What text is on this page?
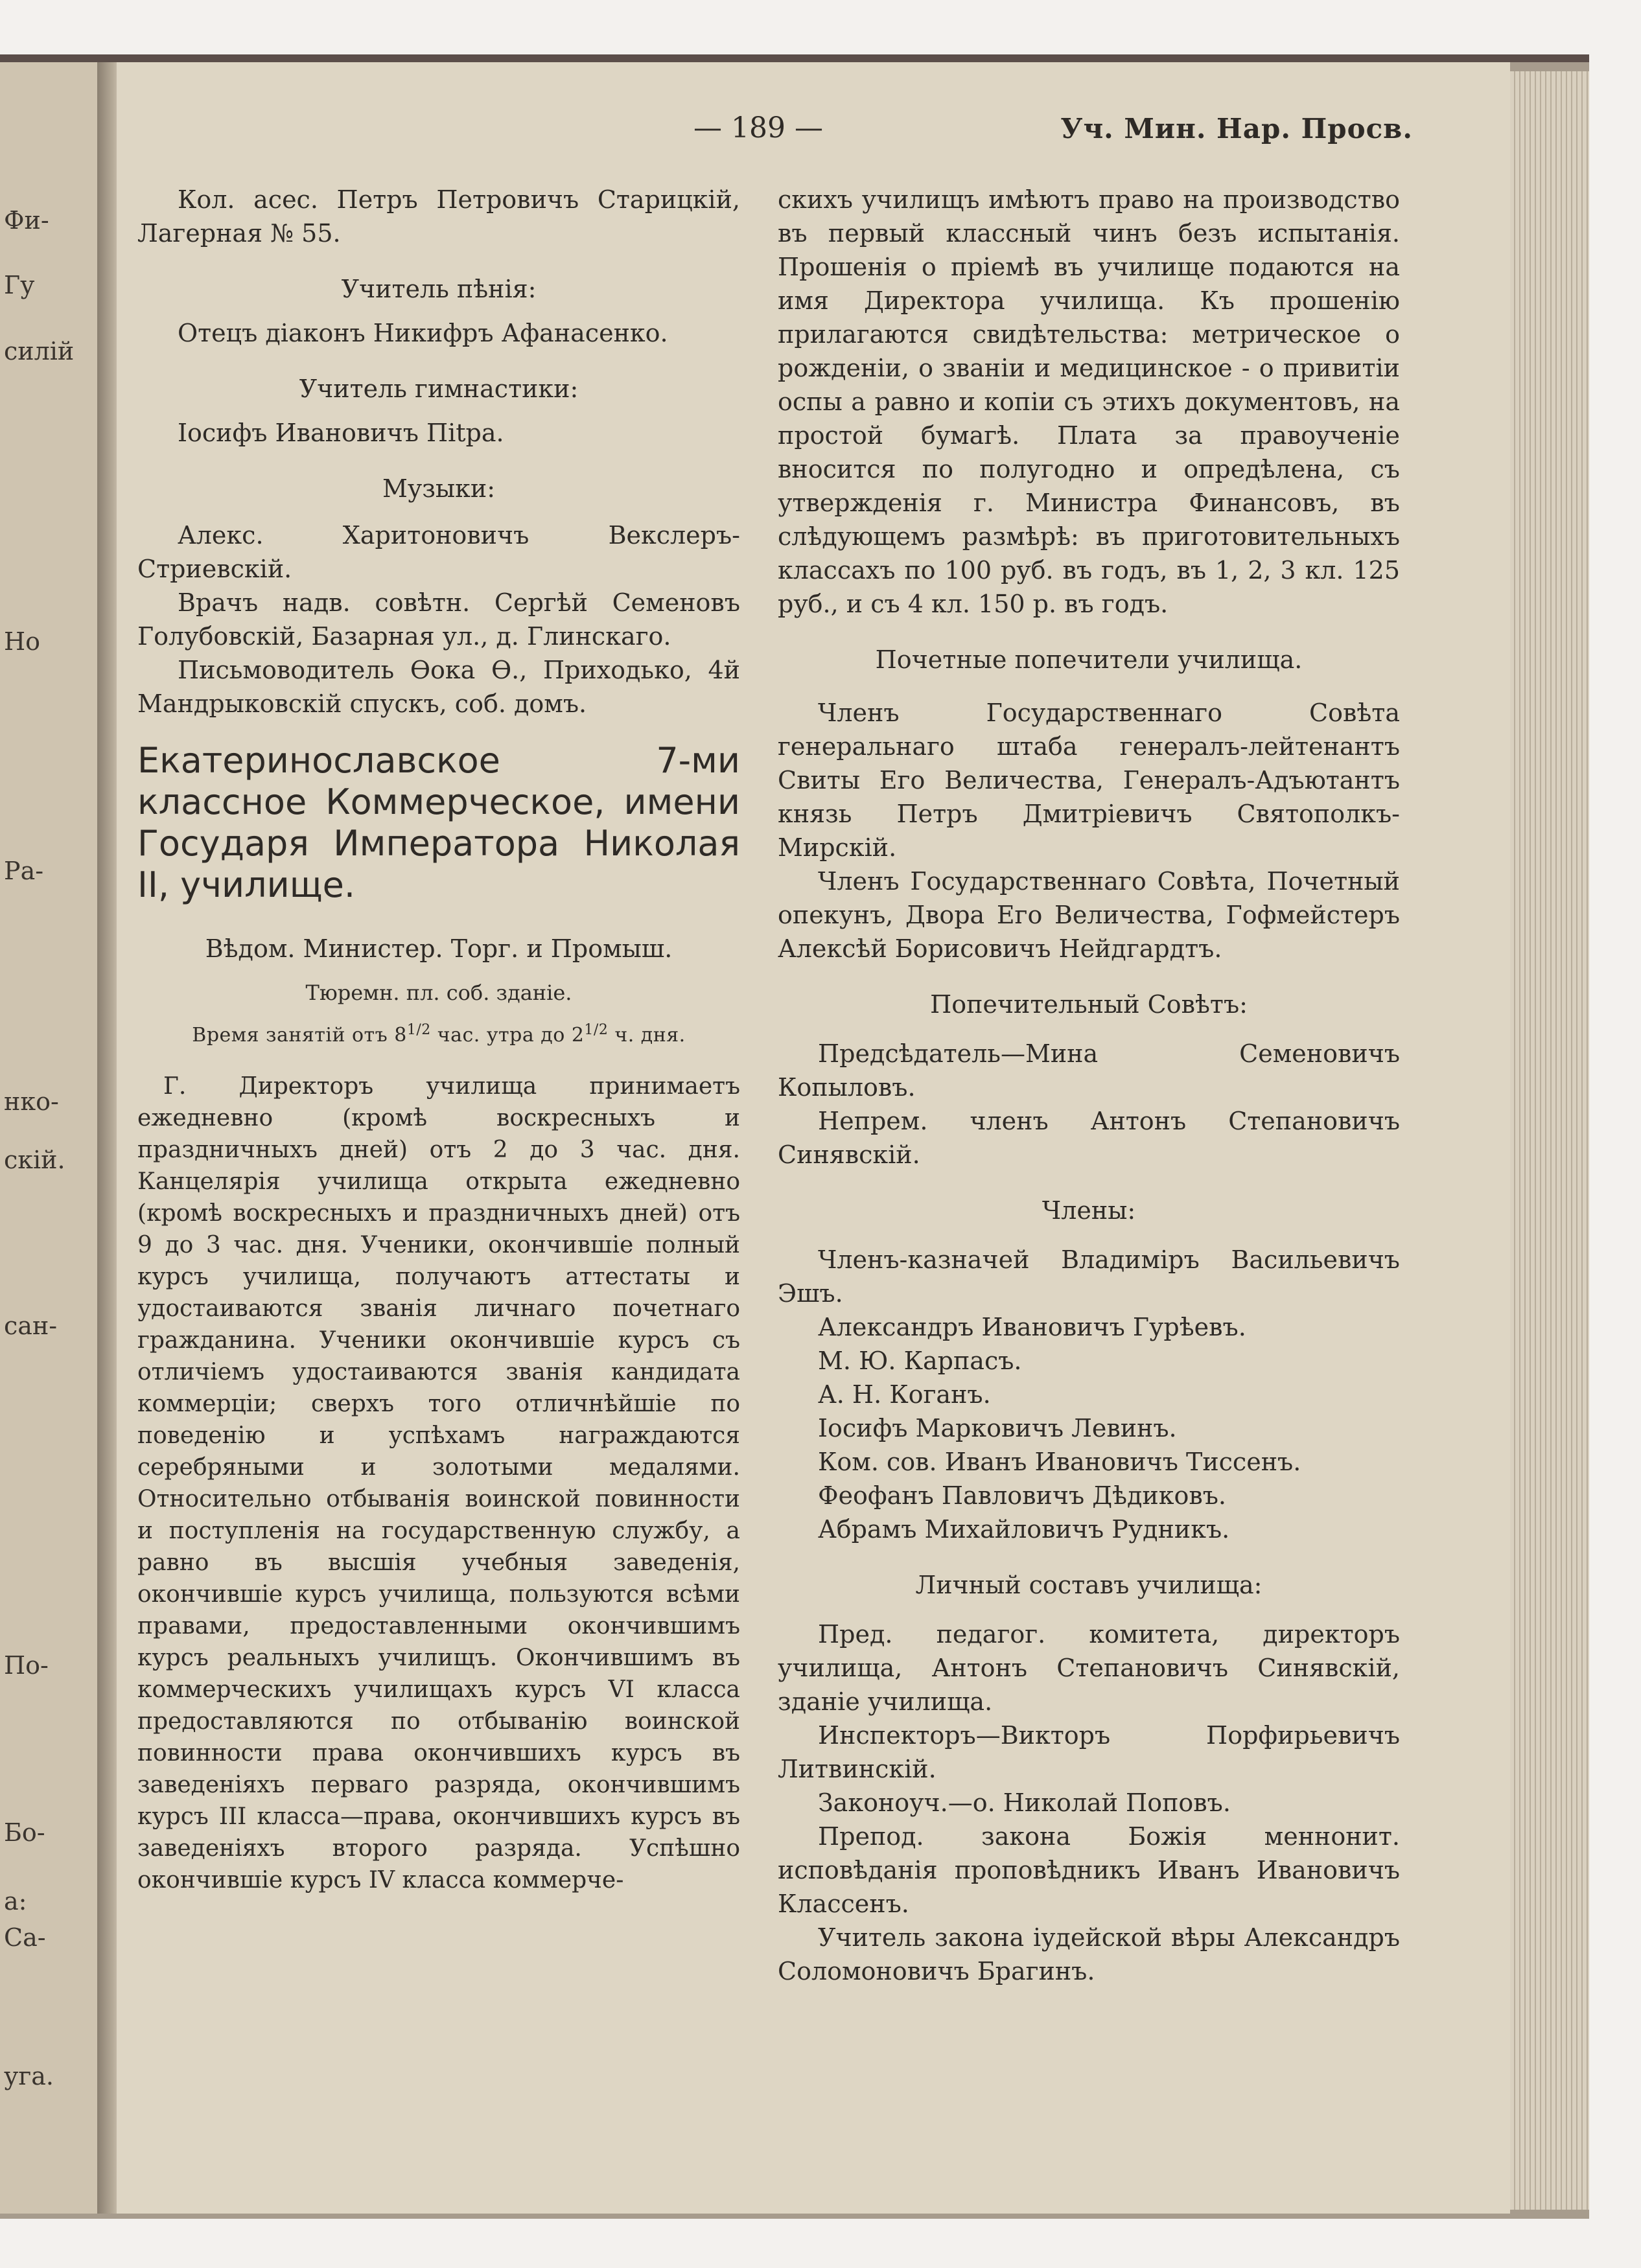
Фи-
Гу
силій
Но
Ра-
нко-
скій.
сан-
По-
Бо-
а:
Са-
уга.
— 189 —	Уч. Мин. Нар. Просв.

Кол. асес. Петръ Петровичъ Старицкій, Лагерная № 55.

Учитель пѣнія:

Отецъ діаконъ Никифръ Афанасенко.

Учитель гимнастики:

Іосифъ Ивановичъ Пitра.

Музыки:

Алекс. Харитоновичъ Векслеръ-Стриевскій.

Врачъ надв. совѣтн. Сергѣй Семеновъ Голубовскій, Базарная ул., д. Глинскаго.

Письмоводитель Ѳока Ѳ., Приходько, 4й Мандрыковскій спускъ, соб. домъ.

Екатеринославское 7-ми классное Коммерческое, имени Государя Императора Николая II, училище.

Вѣдом. Министер. Торг. и Промыш.

Тюремн. пл. соб. зданіе.

Время занятій отъ $8^{1/2}$ час. утра до $2^{1/2}$ ч. дня.

Г. Директоръ училища принимаетъ ежедневно (кромѣ воскресныхъ и праздничныхъ дней) отъ 2 до 3 час. дня. Канцелярія училища открыта ежедневно (кромѣ воскресныхъ и праздничныхъ дней) отъ 9 до 3 час. дня. Ученики, окончившіе полный курсъ училища, получаютъ аттестаты и удостаиваются званія личнаго почетнаго гражданина. Ученики окончившіе курсъ съ отличіемъ удостаиваются званія кандидата коммерціи; сверхъ того отличнѣйшіе по поведенію и успѣхамъ награждаются серебряными и золотыми медалями. Относительно отбыванія воинской повинности и поступленія на государственную службу, а равно въ высшія учебныя заведенія, окончившіе курсъ училища, пользуются всѣми правами, предоставленными окончившимъ курсъ реальныхъ училищъ. Окончившимъ въ коммерческихъ училищахъ курсъ VI класса предоставляются по отбыванію воинской повинности права окончившихъ курсъ въ заведеніяхъ перваго разряда, окончившимъ курсъ III класса—права, окончившихъ курсъ въ заведеніяхъ второго разряда. Успѣшно окончившіе курсъ IV класса коммерче-

скихъ училищъ имѣютъ право на производство въ первый классный чинъ безъ испытанія. Прошенія о пріемѣ въ училище подаются на имя Директора училища. Къ прошенію прилагаются свидѣтельства: метрическое о рожденіи, о званіи и медицинское - о привитіи оспы а равно и копіи съ этихъ документовъ, на простой бумагѣ. Плата за правоученіе вносится по полугодно и опредѣлена, съ утвержденія г. Министра Финансовъ, въ слѣдующемъ размѣрѣ: въ приготовительныхъ классахъ по 100 руб. въ годъ, въ 1, 2, 3 кл. 125 руб., и съ 4 кл. 150 р. въ годъ.

Почетные попечители училища.

Членъ Государственнаго Совѣта генеральнаго штаба генералъ-лейтенантъ Свиты Его Величества, Генералъ-Адъютантъ князь Петръ Дмитріевичъ Святополкъ-Мирскій.

Членъ Государственнаго Совѣта, Почетный опекунъ, Двора Его Величества, Гофмейстеръ Алексѣй Борисовичъ Нейдгардтъ.

Попечительный Совѣтъ:

Предсѣдатель—Мина Семеновичъ Копыловъ.

Непрем. членъ Антонъ Степановичъ Синявскій.

Члены:

Членъ-казначей Владиміръ Васильевичъ Эшъ.

Александръ Ивановичъ Гурѣевъ.

М. Ю. Карпасъ.

А. Н. Коганъ.

Іосифъ Марковичъ Левинъ.

Ком. сов. Иванъ Ивановичъ Тиссенъ.

Феофанъ Павловичъ Дѣдиковъ.

Абрамъ Михайловичъ Рудникъ.

Личный составъ училища:

Пред. педагог. комитета, директоръ училища, Антонъ Степановичъ Синявскій, зданіе училища.

Инспекторъ—Викторъ Порфирьевичъ Литвинскій.

Законоуч.—о. Николай Поповъ.

Препод. закона Божія меннонит. исповѣданія проповѣдникъ Иванъ Ивановичъ Классенъ.

Учитель закона іудейской вѣры Александръ Соломоновичъ Брагинъ.
